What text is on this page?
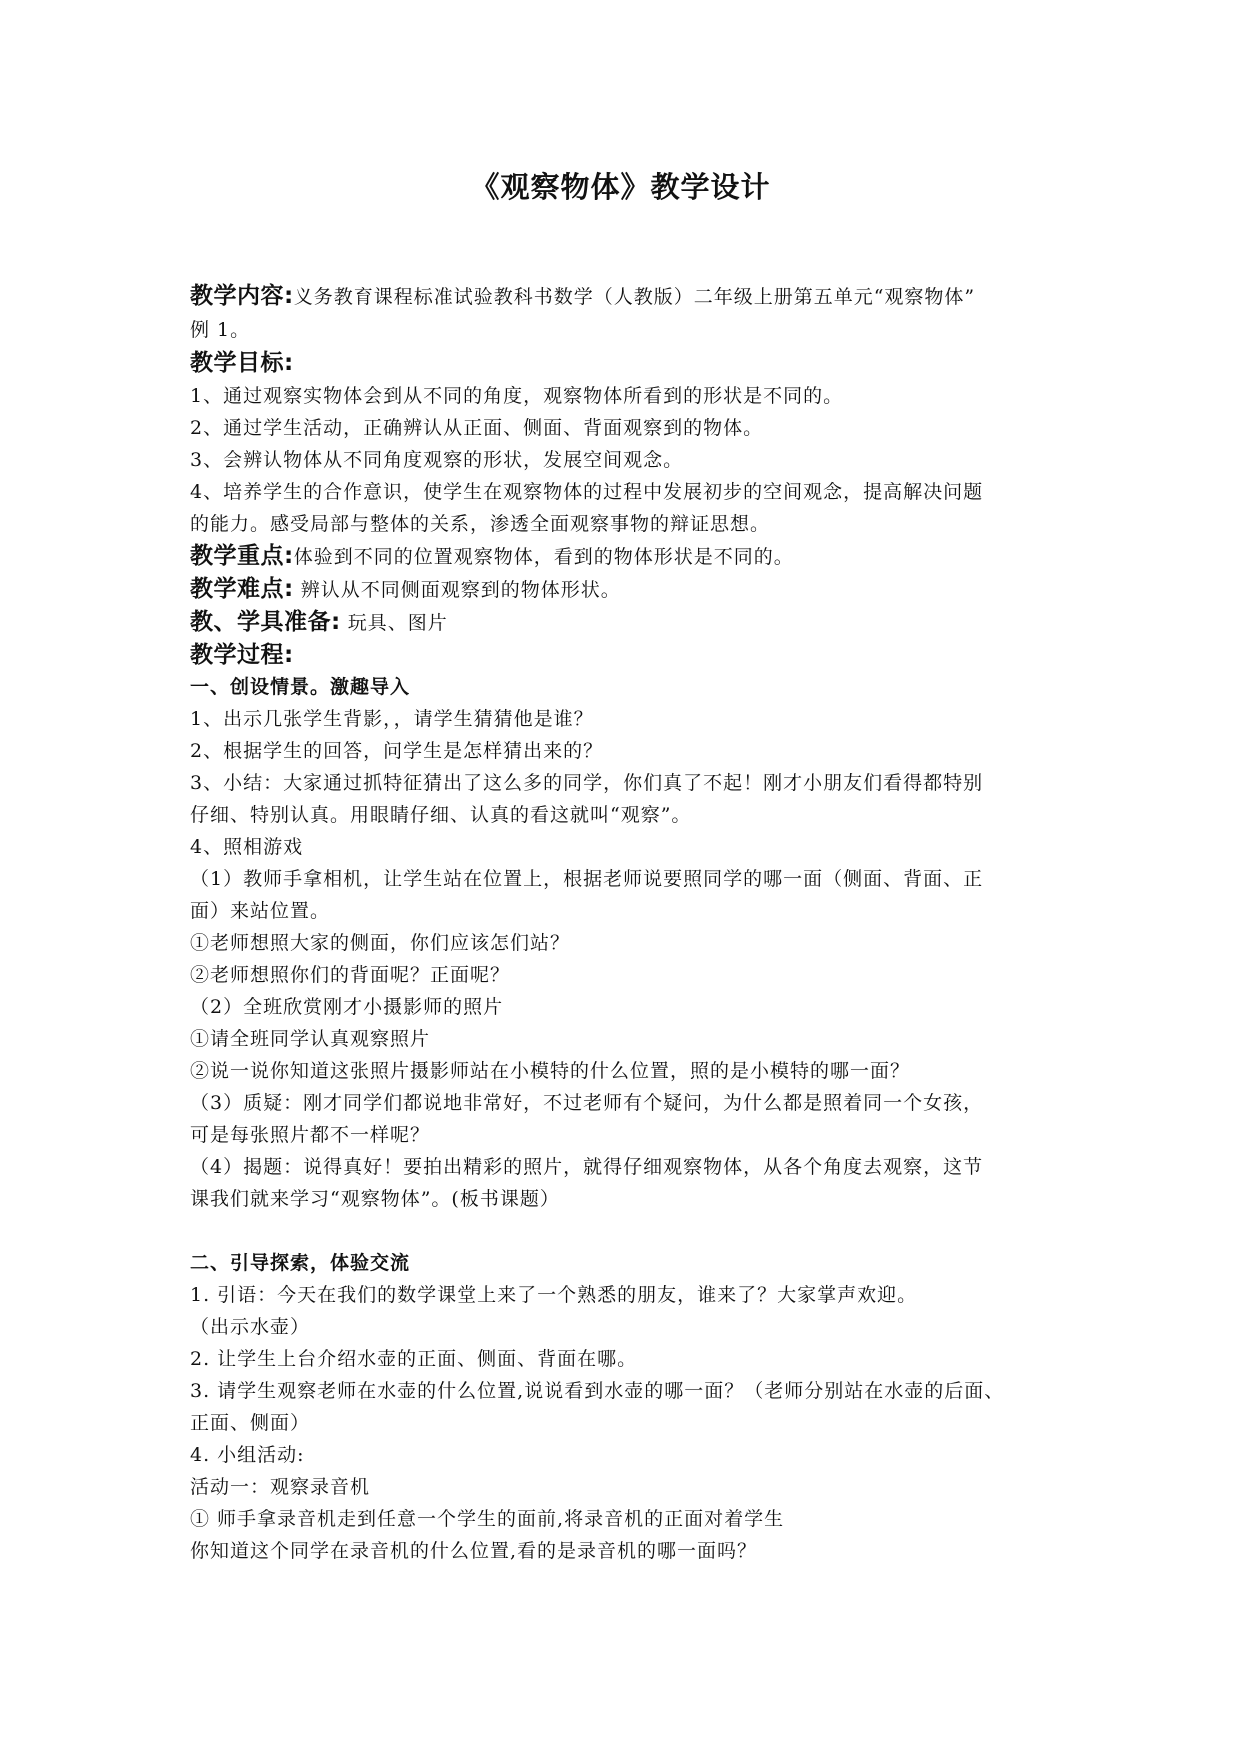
《观察物体》教学设计
教学内容:义务教育课程标准试验教科书数学（人教版）二年级上册第五单元“观察物体”
例 1。
教学目标:
1、通过观察实物体会到从不同的角度，观察物体所看到的形状是不同的。
2、通过学生活动，正确辨认从正面、侧面、背面观察到的物体。
3、会辨认物体从不同角度观察的形状，发展空间观念。
4、培养学生的合作意识，使学生在观察物体的过程中发展初步的空间观念，提高解决问题
的能力。感受局部与整体的关系，渗透全面观察事物的辩证思想。
教学重点:体验到不同的位置观察物体，看到的物体形状是不同的。
教学难点: 辨认从不同侧面观察到的物体形状。
教、学具准备: 玩具、图片
教学过程:
一、创设情景。激趣导入
1、出示几张学生背影，，请学生猜猜他是谁？
2、根据学生的回答，问学生是怎样猜出来的？
3、小结：大家通过抓特征猜出了这么多的同学，你们真了不起！刚才小朋友们看得都特别
仔细、特别认真。用眼睛仔细、认真的看这就叫“观察”。
4、照相游戏
（1）教师手拿相机，让学生站在位置上，根据老师说要照同学的哪一面（侧面、背面、正
面）来站位置。
①老师想照大家的侧面，你们应该怎们站？
②老师想照你们的背面呢？正面呢？
（2）全班欣赏刚才小摄影师的照片
①请全班同学认真观察照片
②说一说你知道这张照片摄影师站在小模特的什么位置，照的是小模特的哪一面？
（3）质疑：刚才同学们都说地非常好，不过老师有个疑问，为什么都是照着同一个女孩，
可是每张照片都不一样呢？
（4）揭题：说得真好！要拍出精彩的照片，就得仔细观察物体，从各个角度去观察，这节
课我们就来学习“观察物体”。(板书课题）
二、引导探索，体验交流
1. 引语：今天在我们的数学课堂上来了一个熟悉的朋友，谁来了？大家掌声欢迎。
（出示水壶）
2. 让学生上台介绍水壶的正面、侧面、背面在哪。
3. 请学生观察老师在水壶的什么位置,说说看到水壶的哪一面？（老师分别站在水壶的后面、
正面、侧面）
4. 小组活动:
活动一：观察录音机
① 师手拿录音机走到任意一个学生的面前,将录音机的正面对着学生
你知道这个同学在录音机的什么位置,看的是录音机的哪一面吗？
